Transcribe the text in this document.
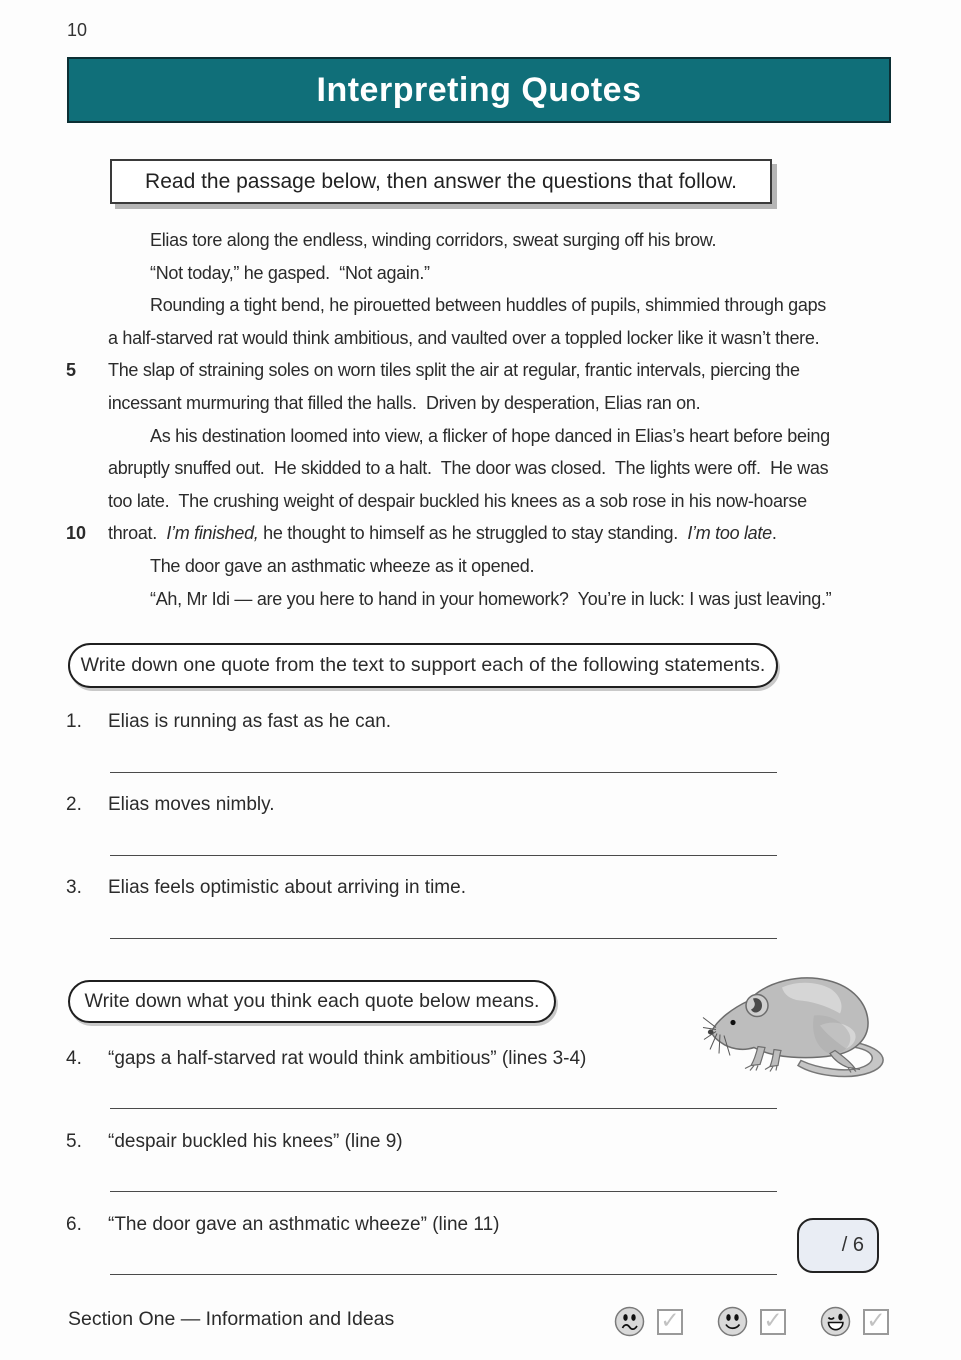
10
Interpreting Quotes
Read the passage below, then answer the questions that follow.
Elias tore along the endless, winding corridors, sweat surging off his brow.
“Not today,” he gasped.  “Not again.”
Rounding a tight bend, he pirouetted between huddles of pupils, shimmied through gaps
a half-starved rat would think ambitious, and vaulted over a toppled locker like it wasn’t there.
5	The slap of straining soles on worn tiles split the air at regular, frantic intervals, piercing the
incessant murmuring that filled the halls.  Driven by desperation, Elias ran on.
As his destination loomed into view, a flicker of hope danced in Elias’s heart before being
abruptly snuffed out.  He skidded to a halt.  The door was closed.  The lights were off.  He was
too late.  The crushing weight of despair buckled his knees as a sob rose in his now-hoarse
10	throat.  I’m finished, he thought to himself as he struggled to stay standing.  I’m too late.
The door gave an asthmatic wheeze as it opened.
“Ah, Mr Idi — are you here to hand in your homework?  You’re in luck: I was just leaving.”
Write down one quote from the text to support each of the following statements.
1.	Elias is running as fast as he can.
2.	Elias moves nimbly.
3.	Elias feels optimistic about arriving in time.
Write down what you think each quote below means.
4.	“gaps a half-starved rat would think ambitious” (lines 3-4)
5.	“despair buckled his knees” (line 9)
6.	“The door gave an asthmatic wheeze” (line 11)
/ 6
Section One — Information and Ideas	✓	✓	✓
